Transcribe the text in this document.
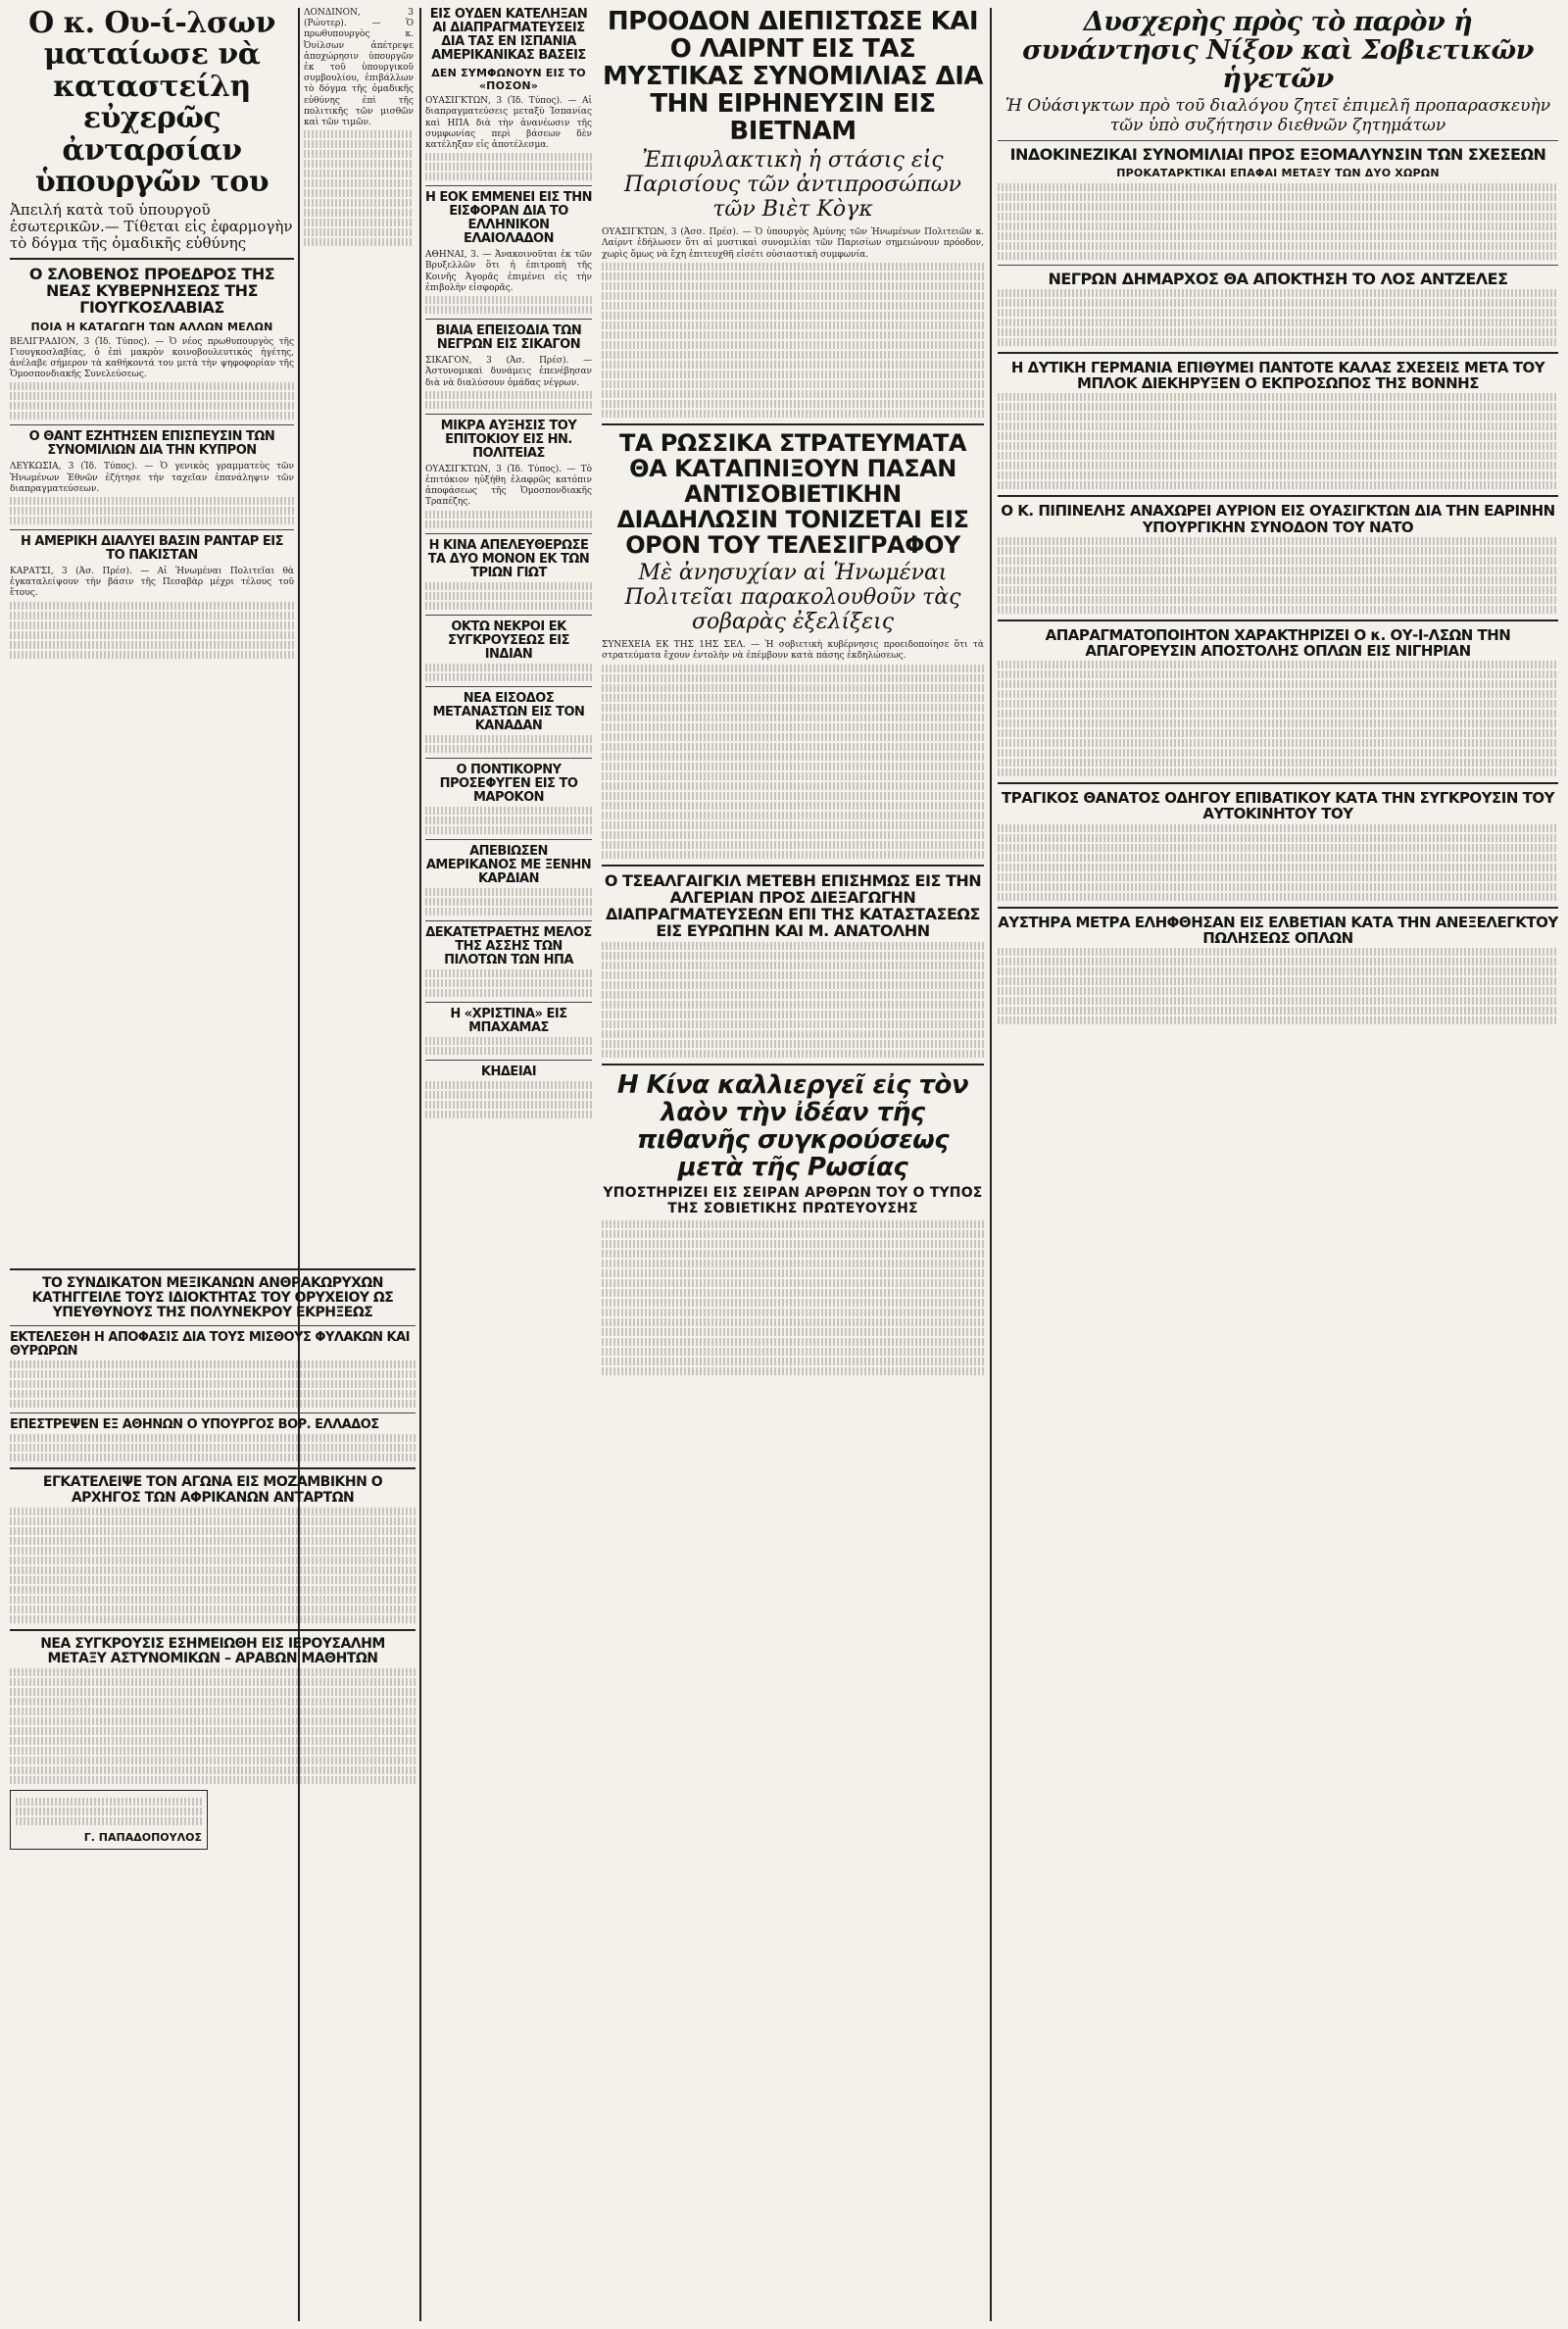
Ο κ. Ου-ί-λσων ματαίωσε νὰ καταστείλη εὐχερῶς ἀνταρσίαν ὑπουργῶν του
Ἀπειλή κατὰ τοῦ ὑπουργοῦ ἐσωτερικῶν.— Τίθεται εἰς ἐφαρμογὴν τὸ δόγμα τῆς ὁμαδικῆς εὐθύνης
Ο ΣΛΟΒΕΝΟΣ ΠΡΟΕΔΡΟΣ ΤΗΣ ΝΕΑΣ ΚΥΒΕΡΝΗΣΕΩΣ ΤΗΣ ΓΙΟΥΓΚΟΣΛΑΒΙΑΣ
ΠΟΙΑ Η ΚΑΤΑΓΩΓΗ ΤΩΝ ΑΛΛΩΝ ΜΕΛΩΝ
ΒΕΛΙΓΡΑΔΙΟΝ, 3 (Ἰδ. Τύπος). — Ὁ νέος πρωθυπουργὸς τῆς Γιουγκοσλαβίας, ὁ ἐπὶ μακρὸν κοινοβουλευτικὸς ἡγέτης, ἀνέλαβε σήμερον τὰ καθήκοντά του μετὰ τὴν ψηφοφορίαν τῆς Ὁμοσπονδιακῆς Συνελεύσεως.
Ο ΘΑΝΤ ΕΖΗΤΗΣΕΝ ΕΠΙΣΠΕΥΣΙΝ ΤΩΝ ΣΥΝΟΜΙΛΙΩΝ ΔΙΑ ΤΗΝ ΚΥΠΡΟΝ
ΛΕΥΚΩΣΙΑ, 3 (Ἰδ. Τύπος). — Ὁ γενικὸς γραμματεὺς τῶν Ἡνωμένων Ἐθνῶν ἐζήτησε τὴν ταχεῖαν ἐπανάληψιν τῶν διαπραγματεύσεων.
Η ΑΜΕΡΙΚΗ ΔΙΑΛΥΕΙ ΒΑΣΙΝ ΡΑΝΤΑΡ ΕΙΣ ΤΟ ΠΑΚΙΣΤΑΝ
ΚΑΡΑΤΣΙ, 3 (Ἀσ. Πρέσ). — Αἱ Ἡνωμέναι Πολιτεῖαι θὰ ἐγκαταλείψουν τὴν βάσιν τῆς Πεσαβὰρ μέχρι τέλους τοῦ ἔτους.
ΛΟΝΔΙΝΟΝ, 3 (Ρώυτερ). — Ὁ πρωθυπουργὸς κ. Ὀυίλσων ἀπέτρεψε ἀποχώρησιν ὑπουργῶν ἐκ τοῦ ὑπουργικοῦ συμβουλίου, ἐπιβάλλων τὸ δόγμα τῆς ὁμαδικῆς εὐθύνης ἐπὶ τῆς πολιτικῆς τῶν μισθῶν καὶ τῶν τιμῶν.
ΕΙΣ ΟΥΔΕΝ ΚΑΤΕΛΗΞΑΝ ΑΙ ΔΙΑΠΡΑΓΜΑΤΕΥΣΕΙΣ ΔΙΑ ΤΑΣ ΕΝ ΙΣΠΑΝΙΑ ΑΜΕΡΙΚΑΝΙΚΑΣ ΒΑΣΕΙΣ
ΔΕΝ ΣΥΜΦΩΝΟΥΝ ΕΙΣ ΤΟ «ΠΟΣΟΝ»
ΟΥΑΣΙΓΚΤΩΝ, 3 (Ἰδ. Τύπος). — Αἱ διαπραγματεύσεις μεταξὺ Ἱσπανίας καὶ ΗΠΑ διὰ τὴν ἀνανέωσιν τῆς συμφωνίας περὶ βάσεων δὲν κατέληξαν εἰς ἀποτέλεσμα.
Η ΕΟΚ ΕΜΜΕΝΕΙ ΕΙΣ ΤΗΝ ΕΙΣΦΟΡΑΝ ΔΙΑ ΤΟ ΕΛΛΗΝΙΚΟΝ ΕΛΑΙΟΛΑΔΟΝ
ΑΘΗΝΑΙ, 3. — Ἀνακοινοῦται ἐκ τῶν Βρυξελλῶν ὅτι ἡ ἐπιτροπὴ τῆς Κοινῆς Ἀγορᾶς ἐπιμένει εἰς τὴν ἐπιβολὴν εἰσφορᾶς.
ΒΙΑΙΑ ΕΠΕΙΣΟΔΙΑ ΤΩΝ ΝΕΓΡΩΝ ΕΙΣ ΣΙΚΑΓΟΝ
ΣΙΚΑΓΟΝ, 3 (Ἀσ. Πρέσ). — Ἀστυνομικαὶ δυνάμεις ἐπενέβησαν διὰ νὰ διαλύσουν ὁμάδας νέγρων.
ΜΙΚΡΑ ΑΥΞΗΣΙΣ ΤΟΥ ΕΠΙΤΟΚΙΟΥ ΕΙΣ ΗΝ. ΠΟΛΙΤΕΙΑΣ
ΟΥΑΣΙΓΚΤΩΝ, 3 (Ἰδ. Τύπος). — Τὸ ἐπιτόκιον ηὐξήθη ἐλαφρῶς κατόπιν ἀποφάσεως τῆς Ὁμοσπονδιακῆς Τραπέζης.
Η ΚΙΝΑ ΑΠΕΛΕΥΘΕΡΩΣΕ ΤΑ ΔΥΟ ΜΟΝΟΝ ΕΚ ΤΩΝ ΤΡΙΩΝ ΓΙΩΤ
ΟΚΤΩ ΝΕΚΡΟΙ ΕΚ ΣΥΓΚΡΟΥΣΕΩΣ ΕΙΣ ΙΝΔΙΑΝ
ΝΕΑ ΕΙΣΟΔΟΣ ΜΕΤΑΝΑΣΤΩΝ ΕΙΣ ΤΟΝ ΚΑΝΑΔΑΝ
Ο ΠΟΝΤΙΚΟΡΝΥ ΠΡΟΣΕΦΥΓΕΝ ΕΙΣ ΤΟ ΜΑΡΟΚΟΝ
ΑΠΕΒΙΩΣΕΝ ΑΜΕΡΙΚΑΝΟΣ ΜΕ ΞΕΝΗΝ ΚΑΡΔΙΑΝ
ΔΕΚΑΤΕΤΡΑΕΤΗΣ ΜΕΛΟΣ ΤΗΣ ΑΣΣΗΣ ΤΩΝ ΠΙΛΟΤΩΝ ΤΩΝ ΗΠΑ
Η «ΧΡΙΣΤΙΝΑ» ΕΙΣ ΜΠΑΧΑΜΑΣ
ΚΗΔΕΙΑΙ
ΠΡΟΟΔΟΝ ΔΙΕΠΙΣΤΩΣΕ ΚΑΙ Ο ΛΑΙΡΝΤ ΕΙΣ ΤΑΣ ΜΥΣΤΙΚΑΣ ΣΥΝΟΜΙΛΙΑΣ ΔΙΑ ΤΗΝ ΕΙΡΗΝΕΥΣΙΝ ΕΙΣ ΒΙΕΤΝΑΜ
Ἐπιφυλακτικὴ ἡ στάσις εἰς Παρισίους τῶν ἀντιπροσώπων τῶν Βιὲτ Κὸγκ
ΟΥΑΣΙΓΚΤΩΝ, 3 (Ἀσσ. Πρέσ). — Ὁ ὑπουργὸς Ἀμύνης τῶν Ἡνωμένων Πολιτειῶν κ. Λαίρντ ἐδήλωσεν ὅτι αἱ μυστικαὶ συνομιλίαι τῶν Παρισίων σημειώνουν πρόοδον, χωρὶς ὅμως νὰ ἔχη ἐπιτευχθῆ εἰσέτι οὐσιαστικὴ συμφωνία.
ΤΑ ΡΩΣΣΙΚΑ ΣΤΡΑΤΕΥΜΑΤΑ ΘΑ ΚΑΤΑΠΝΙΞΟΥΝ ΠΑΣΑΝ ΑΝΤΙΣΟΒΙΕΤΙΚΗΝ ΔΙΑΔΗΛΩΣΙΝ ΤΟΝΙΖΕΤΑΙ ΕΙΣ ΟΡΟΝ ΤΟΥ ΤΕΛΕΣΙΓΡΑΦΟΥ
Μὲ ἀνησυχίαν αἱ Ἡνωμέναι Πολιτεῖαι παρακολουθοῦν τὰς σοβαρὰς ἐξελίξεις
ΣΥΝΕΧΕΙΑ ΕΚ ΤΗΣ 1ΗΣ ΣΕΛ. — Ἡ σοβιετικὴ κυβέρνησις προειδοποίησε ὅτι τὰ στρατεύματα ἔχουν ἐντολὴν νὰ ἐπέμβουν κατὰ πάσης ἐκδηλώσεως.
Ο ΤΣΕΑΛΓΑΙΓΚΙΛ ΜΕΤΕΒΗ ΕΠΙΣΗΜΩΣ ΕΙΣ ΤΗΝ ΑΛΓΕΡΙΑΝ ΠΡΟΣ ΔΙΕΞΑΓΩΓΗΝ ΔΙΑΠΡΑΓΜΑΤΕΥΣΕΩΝ ΕΠΙ ΤΗΣ ΚΑΤΑΣΤΑΣΕΩΣ ΕΙΣ ΕΥΡΩΠΗΝ ΚΑΙ Μ. ΑΝΑΤΟΛΗΝ
Η Κίνα καλλιεργεῖ εἰς τὸν λαὸν τὴν ἰδέαν τῆς πιθανῆς συγκρούσεως μετὰ τῆς Ρωσίας
ΥΠΟΣΤΗΡΙΖΕΙ ΕΙΣ ΣΕΙΡΑΝ ΑΡΘΡΩΝ ΤΟΥ Ο ΤΥΠΟΣ ΤΗΣ ΣΟΒΙΕΤΙΚΗΣ ΠΡΩΤΕΥΟΥΣΗΣ
Δυσχερὴς πρὸς τὸ παρὸν ἡ συνάντησις Νίξον καὶ Σοβιετικῶν ἡγετῶν
Ἡ Οὐάσιγκτων πρὸ τοῦ διαλόγου ζητεῖ ἐπιμελῆ προπαρασκευὴν τῶν ὑπὸ συζήτησιν διεθνῶν ζητημάτων
ΙΝΔΟΚΙΝΕΖΙΚΑΙ ΣΥΝΟΜΙΛΙΑΙ ΠΡΟΣ ΕΞΟΜΑΛΥΝΣΙΝ ΤΩΝ ΣΧΕΣΕΩΝ
ΠΡΟΚΑΤΑΡΚΤΙΚΑΙ ΕΠΑΦΑΙ ΜΕΤΑΞΥ ΤΩΝ ΔΥΟ ΧΩΡΩΝ
ΝΕΓΡΩΝ ΔΗΜΑΡΧΟΣ ΘΑ ΑΠΟΚΤΗΣΗ ΤΟ ΛΟΣ ΑΝΤΖΕΛΕΣ
Η ΔΥΤΙΚΗ ΓΕΡΜΑΝΙΑ ΕΠΙΘΥΜΕΙ ΠΑΝΤΟΤΕ ΚΑΛΑΣ ΣΧΕΣΕΙΣ ΜΕΤΑ ΤΟΥ ΜΠΛΟΚ ΔΙΕΚΗΡΥΞΕΝ Ο ΕΚΠΡΟΣΩΠΟΣ ΤΗΣ ΒΟΝΝΗΣ
Ο Κ. ΠΙΠΙΝΕΛΗΣ ΑΝΑΧΩΡΕΙ ΑΥΡΙΟΝ ΕΙΣ ΟΥΑΣΙΓΚΤΩΝ ΔΙΑ ΤΗΝ ΕΑΡΙΝΗΝ ΥΠΟΥΡΓΙΚΗΝ ΣΥΝΟΔΟΝ ΤΟΥ ΝΑΤΟ
ΑΠΑΡΑΓΜΑΤΟΠΟΙΗΤΟΝ ΧΑΡΑΚΤΗΡΙΖΕΙ Ο κ. ΟΥ-Ι-ΛΣΩΝ ΤΗΝ ΑΠΑΓΟΡΕΥΣΙΝ ΑΠΟΣΤΟΛΗΣ ΟΠΛΩΝ ΕΙΣ ΝΙΓΗΡΙΑΝ
ΤΡΑΓΙΚΟΣ ΘΑΝΑΤΟΣ ΟΔΗΓΟΥ ΕΠΙΒΑΤΙΚΟΥ ΚΑΤΑ ΤΗΝ ΣΥΓΚΡΟΥΣΙΝ ΤΟΥ ΑΥΤΟΚΙΝΗΤΟΥ ΤΟΥ
ΑΥΣΤΗΡΑ ΜΕΤΡΑ ΕΛΗΦΘΗΣΑΝ ΕΙΣ ΕΛΒΕΤΙΑΝ ΚΑΤΑ ΤΗΝ ΑΝΕΞΕΛΕΓΚΤΟΥ ΠΩΛΗΣΕΩΣ ΟΠΛΩΝ
ΤΟ ΣΥΝΔΙΚΑΤΟΝ ΜΕΞΙΚΑΝΩΝ ΑΝΘΡΑΚΩΡΥΧΩΝ ΚΑΤΗΓΓΕΙΛΕ ΤΟΥΣ ΙΔΙΟΚΤΗΤΑΣ ΤΟΥ ΟΡΥΧΕΙΟΥ ΩΣ ΥΠΕΥΘΥΝΟΥΣ ΤΗΣ ΠΟΛΥΝΕΚΡΟΥ ΕΚΡΗΞΕΩΣ
ΕΚΤΕΛΕΣΘΗ Η ΑΠΟΦΑΣΙΣ ΔΙΑ ΤΟΥΣ ΜΙΣΘΟΥΣ ΦΥΛΑΚΩΝ ΚΑΙ ΘΥΡΩΡΩΝ
ΕΠΕΣΤΡΕΨΕΝ ΕΞ ΑΘΗΝΩΝ Ο ΥΠΟΥΡΓΟΣ ΒΟΡ. ΕΛΛΑΔΟΣ
ΕΓΚΑΤΕΛΕΙΨΕ ΤΟΝ ΑΓΩΝΑ ΕΙΣ ΜΟΖΑΜΒΙΚΗΝ Ο ΑΡΧΗΓΟΣ ΤΩΝ ΑΦΡΙΚΑΝΩΝ ΑΝΤΑΡΤΩΝ
ΝΕΑ ΣΥΓΚΡΟΥΣΙΣ ΕΣΗΜΕΙΩΘΗ ΕΙΣ ΙΕΡΟΥΣΑΛΗΜ ΜΕΤΑΞΥ ΑΣΤΥΝΟΜΙΚΩΝ – ΑΡΑΒΩΝ ΜΑΘΗΤΩΝ
Γ. ΠΑΠΑΔΟΠΟΥΛΟΣ
